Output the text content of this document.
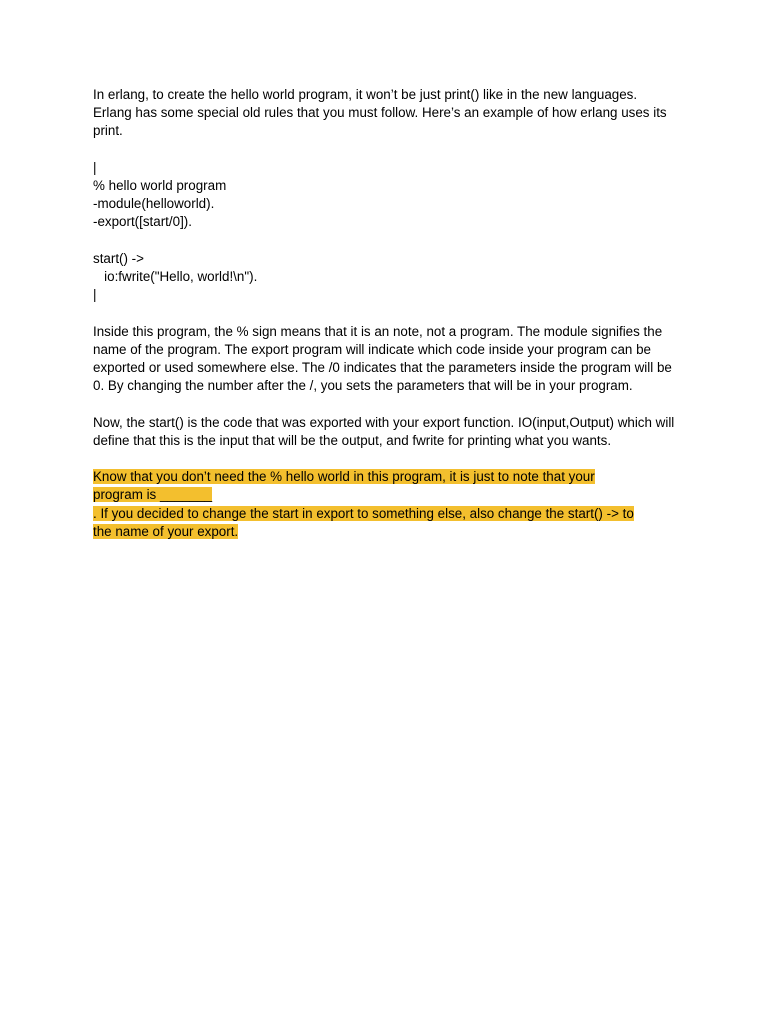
In erlang, to create the hello world program, it won’t be just print() like in the new languages. Erlang has some special old rules that you must follow. Here’s an example of how erlang uses its print.

|
% hello world program
-module(helloworld).
-export([start/0]).
start() ->
io:fwrite("Hello, world!\n").
|

Inside this program, the % sign means that it is an note, not a program. The module signifies the name of the program. The export program will indicate which code inside your program can be exported or used somewhere else. The /0 indicates that the parameters inside the program will be 0. By changing the number after the /, you sets the parameters that will be in your program.

Now, the start() is the code that was exported with your export function. IO(input,Output) which will define that this is the input that will be the output, and fwrite for printing what you wants.

Know that you don’t need the % hello world in this program, it is just to note that your
program is _______
. If you decided to change the start in export to something else, also change the start() -> to
the name of your export.
